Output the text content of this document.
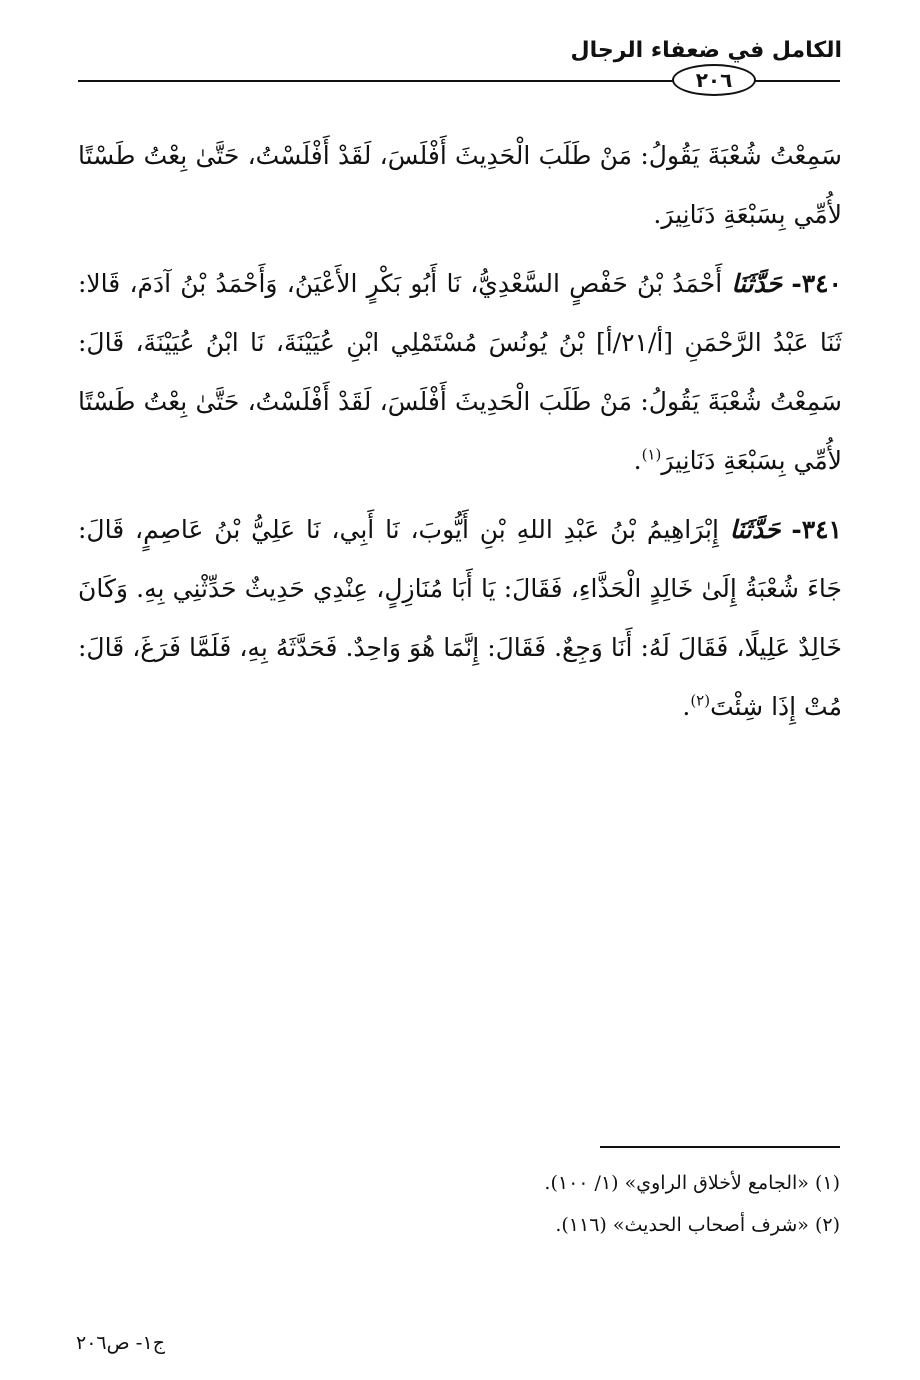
الكامل في ضعفاء الرجال
٢٠٦

سَمِعْتُ شُعْبَةَ يَقُولُ: مَنْ طَلَبَ الْحَدِيثَ أَفْلَسَ، لَقَدْ أَفْلَسْتُ، حَتَّىٰ بِعْتُ طَسْتًا لأُمِّي بِسَبْعَةِ دَنَانِيرَ.

٣٤٠- حَدَّثَنَا أَحْمَدُ بْنُ حَفْصٍ السَّعْدِيُّ، نَا أَبُو بَكْرٍ الأَعْيَنُ، وَأَحْمَدُ بْنُ آدَمَ، قَالا: ثَنَا عَبْدُ الرَّحْمَنِ [أ/٢١/أ] بْنُ يُونُسَ مُسْتَمْلِي ابْنِ عُيَيْنَةَ، نَا ابْنُ عُيَيْنَةَ، قَالَ: سَمِعْتُ شُعْبَةَ يَقُولُ: مَنْ طَلَبَ الْحَدِيثَ أَفْلَسَ، لَقَدْ أَفْلَسْتُ، حَتَّىٰ بِعْتُ طَسْتًا لأُمِّي بِسَبْعَةِ دَنَانِيرَ$^{(١)}$.

٣٤١- حَدَّثَنَا إِبْرَاهِيمُ بْنُ عَبْدِ اللهِ بْنِ أَيُّوبَ، نَا أَبِي، نَا عَلِيُّ بْنُ عَاصِمٍ، قَالَ: جَاءَ شُعْبَةُ إِلَىٰ خَالِدٍ الْحَذَّاءِ، فَقَالَ: يَا أَبَا مُنَازِلٍ، عِنْدِي حَدِيثٌ حَدِّثْنِي بِهِ. وَكَانَ خَالِدٌ عَلِيلًا، فَقَالَ لَهُ: أَنَا وَجِعٌ. فَقَالَ: إِنَّمَا هُوَ وَاحِدٌ. فَحَدَّثَهُ بِهِ، فَلَمَّا فَرَغَ، قَالَ: مُتْ إِذَا شِئْتَ$^{(٢)}$.

(١) «الجامع لأخلاق الراوي» (١/ ١٠٠).

(٢) «شرف أصحاب الحديث» (١١٦).

ج١- ص٢٠٦
